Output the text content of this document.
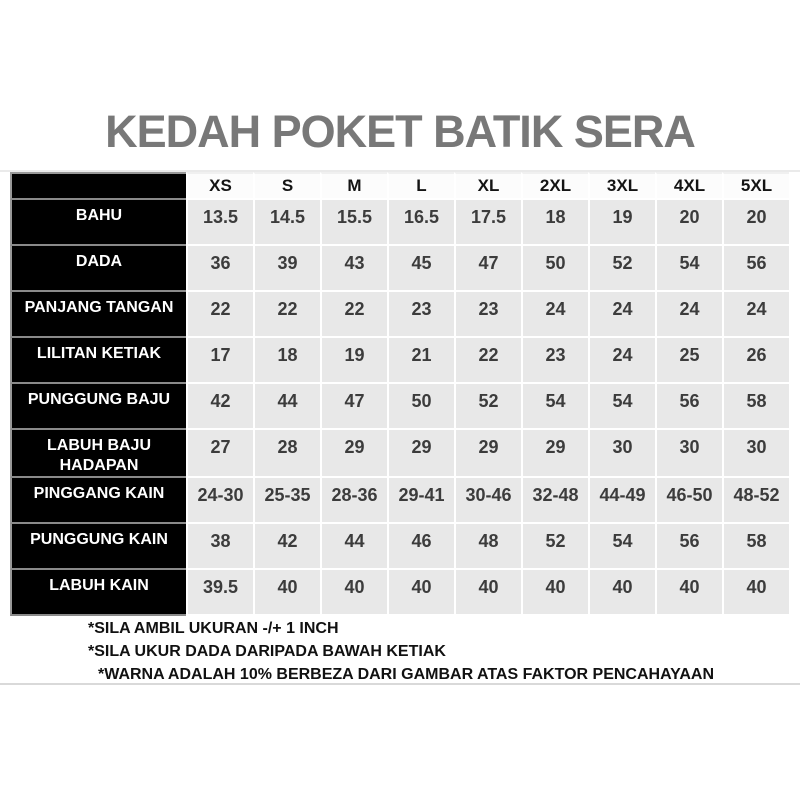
KEDAH POKET BATIK SERA
	XS	S	M	L	XL	2XL	3XL	4XL	5XL
BAHU	13.5	14.5	15.5	16.5	17.5	18	19	20	20
DADA	36	39	43	45	47	50	52	54	56
PANJANG TANGAN	22	22	22	23	23	24	24	24	24
LILITAN KETIAK	17	18	19	21	22	23	24	25	26
PUNGGUNG BAJU	42	44	47	50	52	54	54	56	58
LABUH BAJU HADAPAN	27	28	29	29	29	29	30	30	30
PINGGANG KAIN	24-30	25-35	28-36	29-41	30-46	32-48	44-49	46-50	48-52
PUNGGUNG KAIN	38	42	44	46	48	52	54	56	58
LABUH KAIN	39.5	40	40	40	40	40	40	40	40
*SILA AMBIL UKURAN -/+ 1 INCH
*SILA UKUR DADA DARIPADA BAWAH KETIAK
*WARNA ADALAH 10% BERBEZA DARI GAMBAR ATAS FAKTOR PENCAHAYAAN
